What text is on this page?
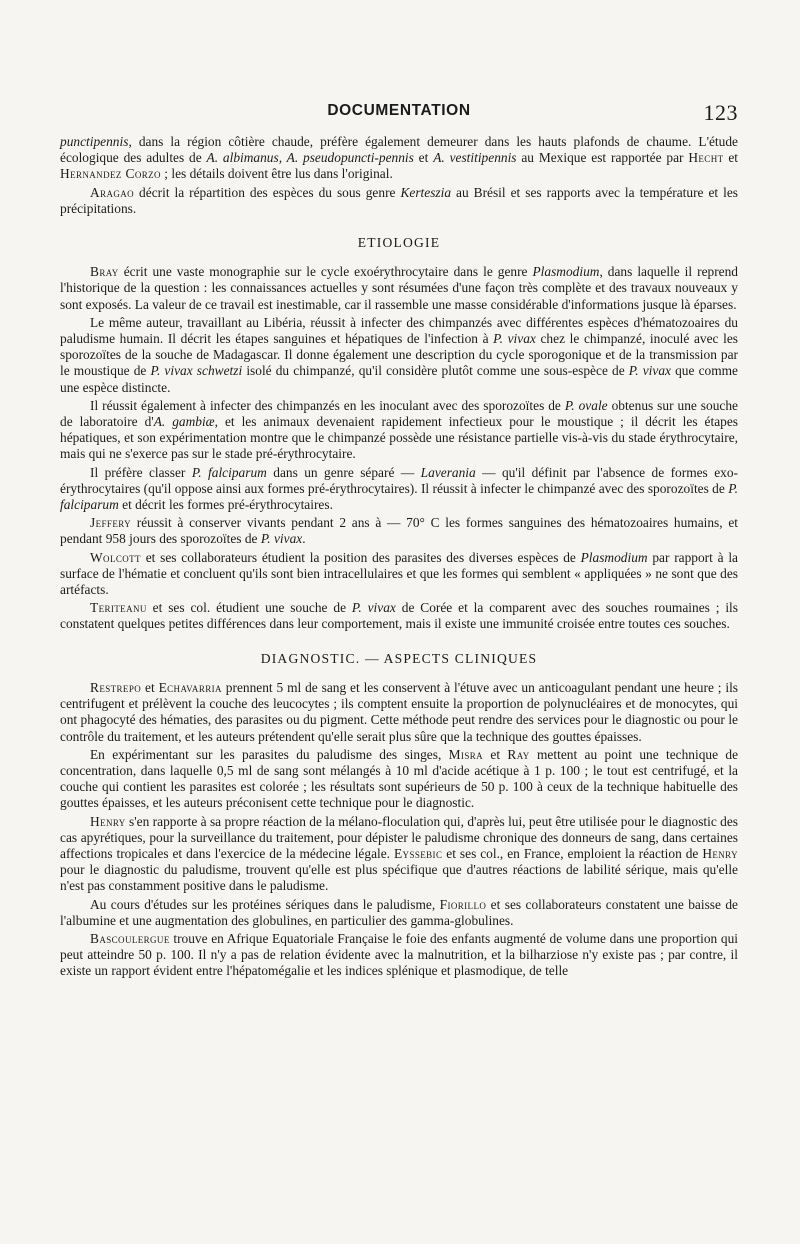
DOCUMENTATION	123

punctipennis, dans la région côtière chaude, préfère également demeurer dans les hauts plafonds de chaume. L'étude écologique des adultes de A. albimanus, A. pseudopuncti-pennis et A. vestitipennis au Mexique est rapportée par Hecht et Hernandez Corzo ; les détails doivent être lus dans l'original.

Aragao décrit la répartition des espèces du sous genre Kerteszia au Brésil et ses rapports avec la température et les précipitations.

ETIOLOGIE

Bray écrit une vaste monographie sur le cycle exoérythrocytaire dans le genre Plasmodium, dans laquelle il reprend l'historique de la question : les connaissances actuelles y sont résumées d'une façon très complète et des travaux nouveaux y sont exposés. La valeur de ce travail est inestimable, car il rassemble une masse considérable d'informations jusque là éparses.

Le même auteur, travaillant au Libéria, réussit à infecter des chimpanzés avec différentes espèces d'hématozoaires du paludisme humain. Il décrit les étapes sanguines et hépatiques de l'infection à P. vivax chez le chimpanzé, inoculé avec les sporozoïtes de la souche de Madagascar. Il donne également une description du cycle sporogonique et de la transmission par le moustique de P. vivax schwetzi isolé du chimpanzé, qu'il considère plutôt comme une sous-espèce de P. vivax que comme une espèce distincte.

Il réussit également à infecter des chimpanzés en les inoculant avec des sporozoïtes de P. ovale obtenus sur une souche de laboratoire d'A. gambiæ, et les animaux devenaient rapidement infectieux pour le moustique ; il décrit les étapes hépatiques, et son expérimentation montre que le chimpanzé possède une résistance partielle vis-à-vis du stade érythrocytaire, mais qui ne s'exerce pas sur le stade pré-érythrocytaire.

Il préfère classer P. falciparum dans un genre séparé — Laverania — qu'il définit par l'absence de formes exo-érythrocytaires (qu'il oppose ainsi aux formes pré-érythrocytaires). Il réussit à infecter le chimpanzé avec des sporozoïtes de P. falciparum et décrit les formes pré-érythrocytaires.

Jeffery réussit à conserver vivants pendant 2 ans à — 70° C les formes sanguines des hématozoaires humains, et pendant 958 jours des sporozoïtes de P. vivax.

Wolcott et ses collaborateurs étudient la position des parasites des diverses espèces de Plasmodium par rapport à la surface de l'hématie et concluent qu'ils sont bien intracellulaires et que les formes qui semblent « appliquées » ne sont que des artéfacts.

Teriteanu et ses col. étudient une souche de P. vivax de Corée et la comparent avec des souches roumaines ; ils constatent quelques petites différences dans leur comportement, mais il existe une immunité croisée entre toutes ces souches.

DIAGNOSTIC. — ASPECTS CLINIQUES

Restrepo et Echavarria prennent 5 ml de sang et les conservent à l'étuve avec un anticoagulant pendant une heure ; ils centrifugent et prélèvent la couche des leucocytes ; ils comptent ensuite la proportion de polynucléaires et de monocytes, qui ont phagocyté des hématies, des parasites ou du pigment. Cette méthode peut rendre des services pour le diagnostic ou pour le contrôle du traitement, et les auteurs prétendent qu'elle serait plus sûre que la technique des gouttes épaisses.

En expérimentant sur les parasites du paludisme des singes, Misra et Ray mettent au point une technique de concentration, dans laquelle 0,5 ml de sang sont mélangés à 10 ml d'acide acétique à 1 p. 100 ; le tout est centrifugé, et la couche qui contient les parasites est colorée ; les résultats sont supérieurs de 50 p. 100 à ceux de la technique habituelle des gouttes épaisses, et les auteurs préconisent cette technique pour le diagnostic.

Henry s'en rapporte à sa propre réaction de la mélano-floculation qui, d'après lui, peut être utilisée pour le diagnostic des cas apyrétiques, pour la surveillance du traitement, pour dépister le paludisme chronique des donneurs de sang, dans certaines affections tropicales et dans l'exercice de la médecine légale. Eyssebic et ses col., en France, emploient la réaction de Henry pour le diagnostic du paludisme, trouvent qu'elle est plus spécifique que d'autres réactions de labilité sérique, mais qu'elle n'est pas constamment positive dans le paludisme.

Au cours d'études sur les protéines sériques dans le paludisme, Fiorillo et ses collaborateurs constatent une baisse de l'albumine et une augmentation des globulines, en particulier des gamma-globulines.

Bascoulergue trouve en Afrique Equatoriale Française le foie des enfants augmenté de volume dans une proportion qui peut atteindre 50 p. 100. Il n'y a pas de relation évidente avec la malnutrition, et la bilharziose n'y existe pas ; par contre, il existe un rapport évident entre l'hépatomégalie et les indices splénique et plasmodique, de telle
